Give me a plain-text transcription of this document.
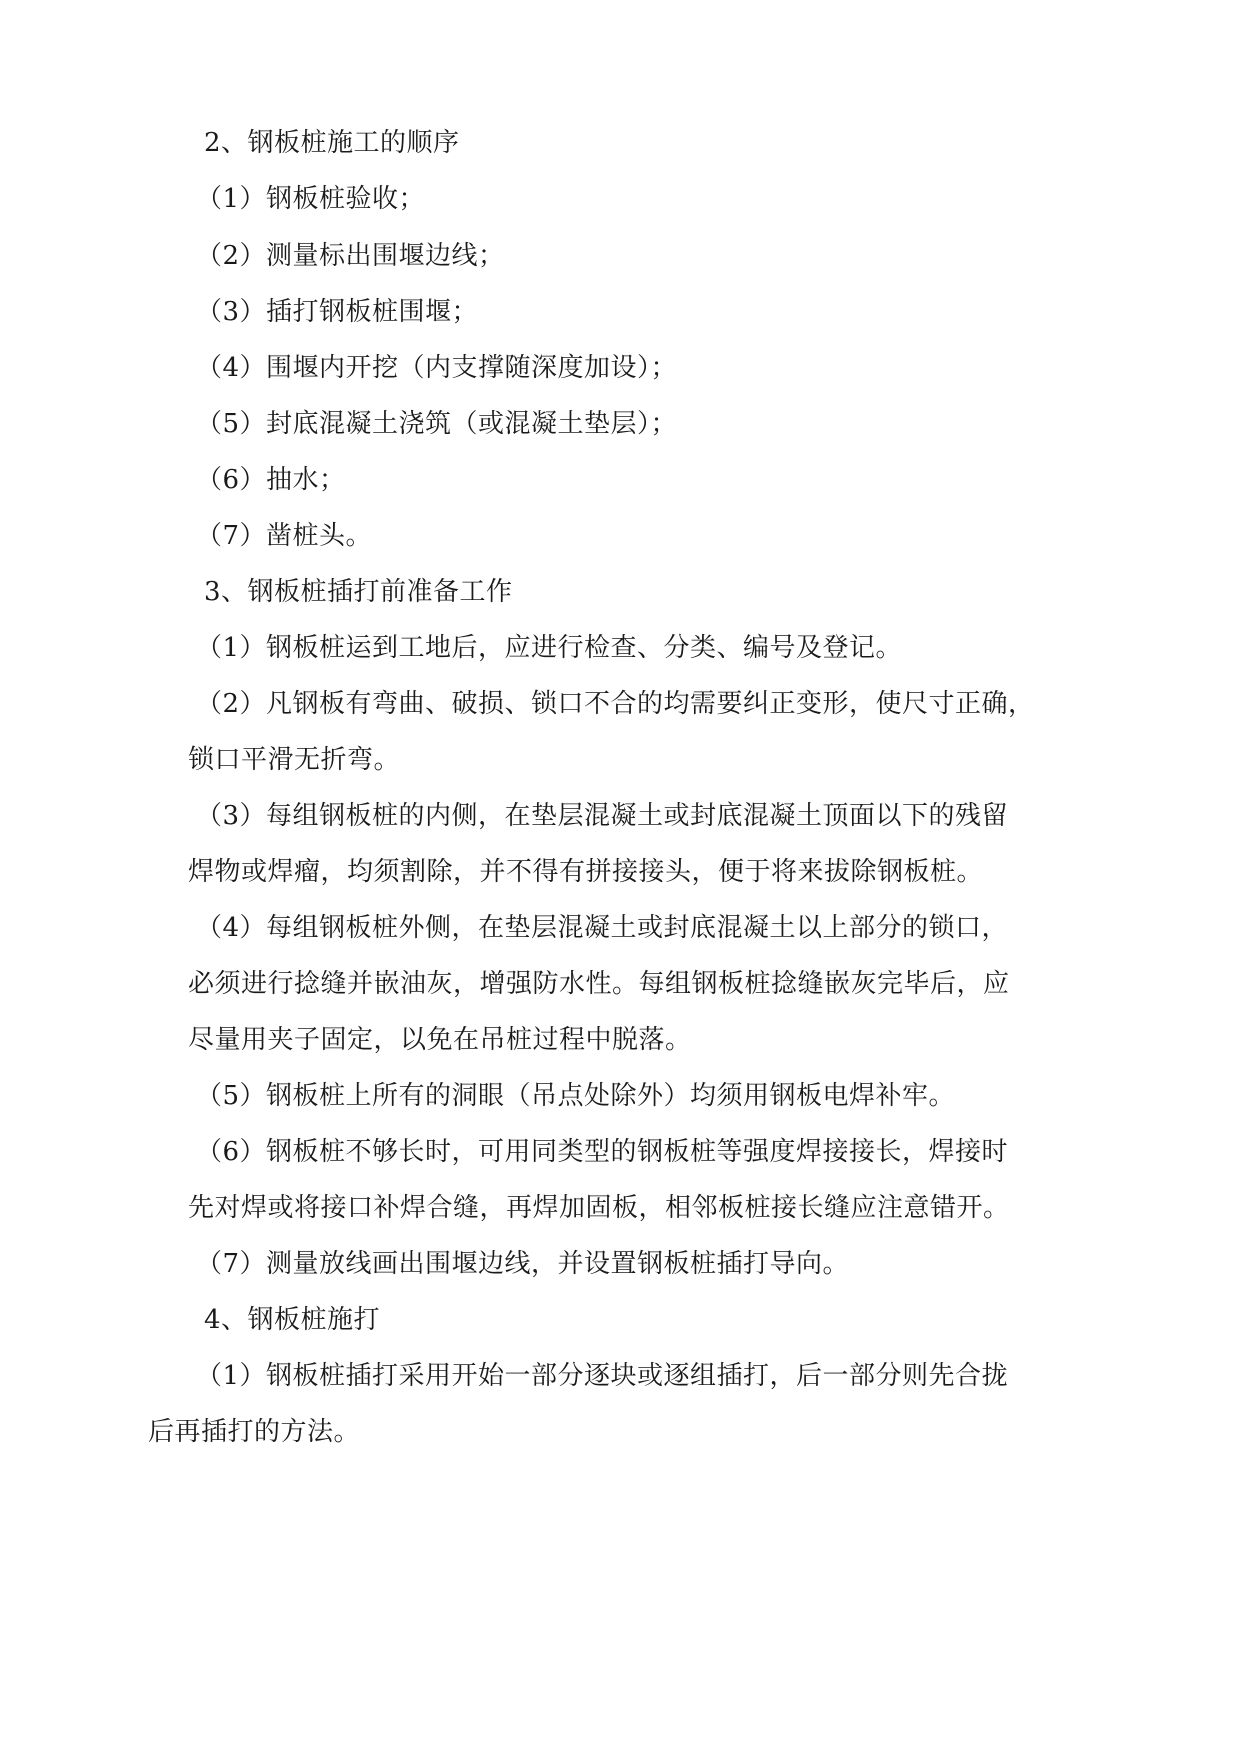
2、钢板桩施工的顺序
（1）钢板桩验收；
（2）测量标出围堰边线；
（3）插打钢板桩围堰；
（4）围堰内开挖（内支撑随深度加设）；
（5）封底混凝土浇筑（或混凝土垫层）；
（6）抽水；
（7）凿桩头。
3、钢板桩插打前准备工作
（1）钢板桩运到工地后，应进行检查、分类、编号及登记。
（2）凡钢板有弯曲、破损、锁口不合的均需要纠正变形，使尺寸正确，
锁口平滑无折弯。
（3）每组钢板桩的内侧，在垫层混凝土或封底混凝土顶面以下的残留
焊物或焊瘤，均须割除，并不得有拼接接头，便于将来拔除钢板桩。
（4）每组钢板桩外侧，在垫层混凝土或封底混凝土以上部分的锁口，
必须进行捻缝并嵌油灰，增强防水性。每组钢板桩捻缝嵌灰完毕后，应
尽量用夹子固定，以免在吊桩过程中脱落。
（5）钢板桩上所有的洞眼（吊点处除外）均须用钢板电焊补牢。
（6）钢板桩不够长时，可用同类型的钢板桩等强度焊接接长，焊接时
先对焊或将接口补焊合缝，再焊加固板，相邻板桩接长缝应注意错开。
（7）测量放线画出围堰边线，并设置钢板桩插打导向。
4、钢板桩施打
（1）钢板桩插打采用开始一部分逐块或逐组插打，后一部分则先合拢
后再插打的方法。
